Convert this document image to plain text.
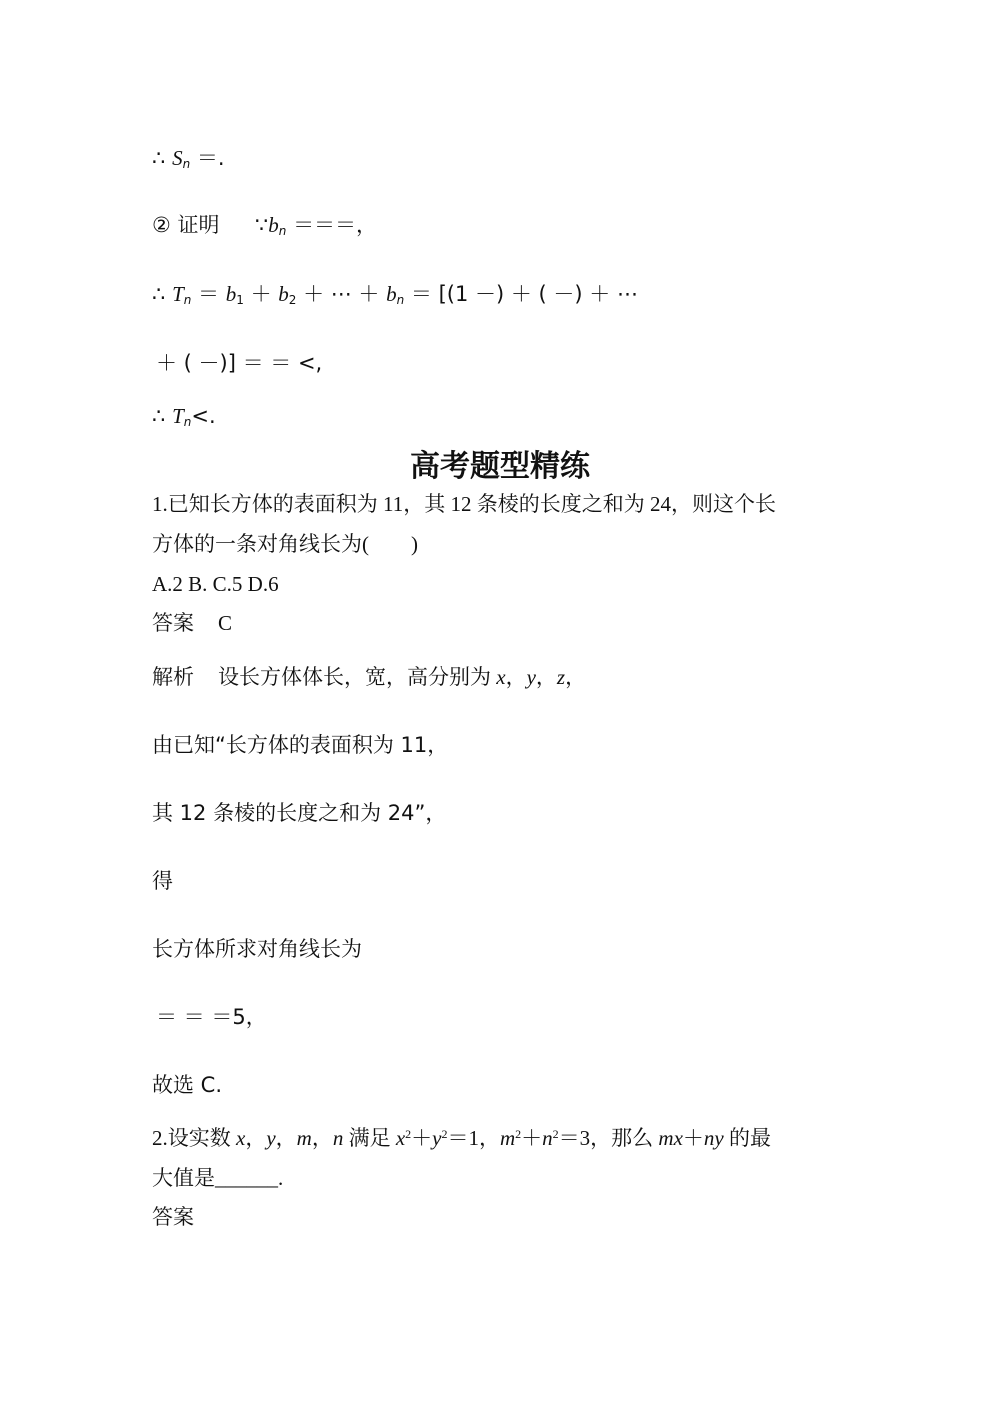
∴ $S_n$ ＝.
② 证明 $\because b_n$ ＝＝＝，
∴ $T_n = b_1 + b_2$ ＋ ⋯ ＋ $b_n = [(1$ －) ＋ ( －) ＋ ⋯
＋ ( －)] ＝ ＝ <,
∴ $T_n<$.
高考题型精练
1.已知长方体的表面积为 11，其 12 条棱的长度之和为 24，则这个长
方体的一条对角线长为(　　)
A.2 B. C.5 D.6
答案 C
解析 设长方体体长，宽，高分别为 x，y，z，
由已知“长方体的表面积为 11，
其 12 条棱的长度之和为 24”，
得
长方体所求对角线长为
＝ ＝ ＝5，
故选 C.
2.设实数 x，y，m，n 满足 $x^2+y^2=1$，$m^2+n^2=3$，那么 mx＋ny 的最
大值是______.
答案
